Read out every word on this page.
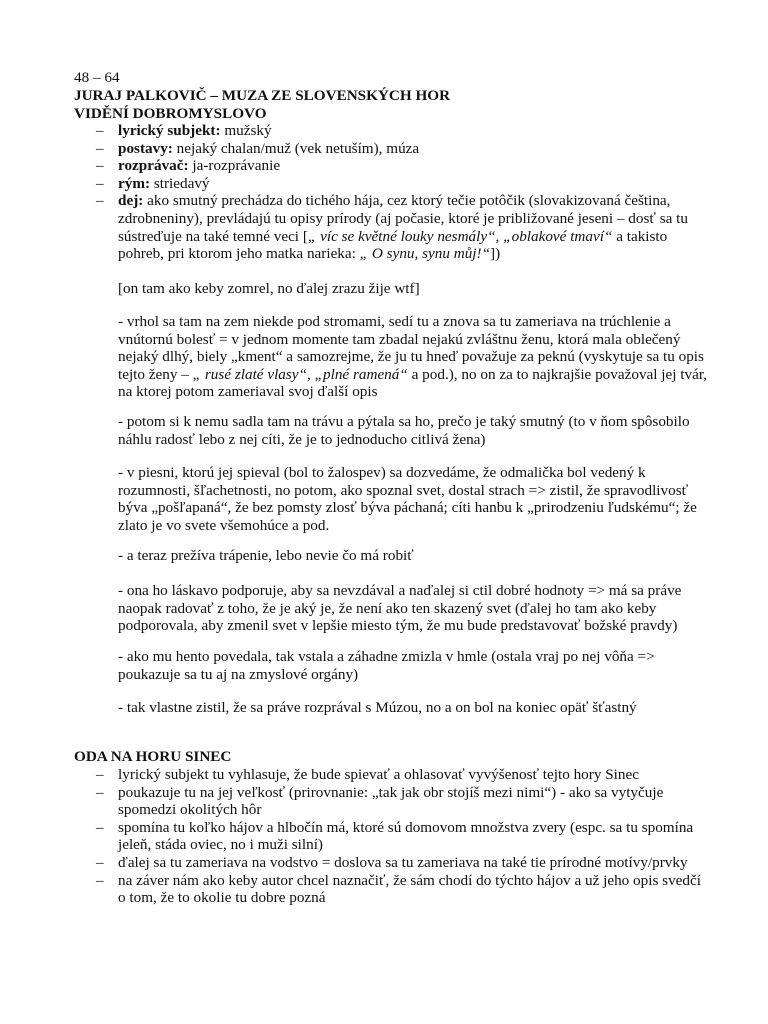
48 – 64
JURAJ PALKOVIČ – MUZA ZE SLOVENSKÝCH HOR
VIDĚNÍ DOBROMYSLOVO
– lyrický subjekt: mužský
– postavy: nejaký chalan/muž (vek netuším), múza
– rozprávač: ja-rozprávanie
– rým: striedavý
– dej: ako smutný prechádza do tichého hája, cez ktorý tečie potôčik (slovakizovaná čeština, zdrobneniny), prevládajú tu opisy prírody (aj počasie, ktoré je približované jeseni – dosť sa tu sústreďuje na také temné veci [„ víc se květné louky nesmály“, „oblakové tmaví“ a takisto pohreb, pri ktorom jeho matka narieka: „ O synu, synu můj!“])

[on tam ako keby zomrel, no ďalej zrazu žije wtf]

- vrhol sa tam na zem niekde pod stromami, sedí tu a znova sa tu zameriava na trúchlenie a vnútornú bolesť = v jednom momente tam zbadal nejakú zvláštnu ženu, ktorá mala oblečený nejaký dlhý, biely „kment“ a samozrejme, že ju tu hneď považuje za peknú (vyskytuje sa tu opis tejto ženy – „ rusé zlaté vlasy“, „plné ramená“ a pod.), no on za to najkrajšie považoval jej tvár, na ktorej potom zameriaval svoj ďalší opis

- potom si k nemu sadla tam na trávu a pýtala sa ho, prečo je taký smutný (to v ňom spôsobilo náhlu radosť lebo z nej cíti, že je to jednoducho citlivá žena)

- v piesni, ktorú jej spieval (bol to žalospev) sa dozvedáme, že odmalička bol vedený k rozumnosti, šľachetnosti, no potom, ako spoznal svet, dostal strach => zistil, že spravodlivosť býva „pošľapaná“, že bez pomsty zlosť býva páchaná; cíti hanbu k „prirodzeniu ľudskému“; že zlato je vo svete všemohúce a pod.

- a teraz prežíva trápenie, lebo nevie čo má robiť

- ona ho láskavo podporuje, aby sa nevzdával a naďalej si ctil dobré hodnoty => má sa práve naopak radovať z toho, že je aký je, že není ako ten skazený svet (ďalej ho tam ako keby podporovala, aby zmenil svet v lepšie miesto tým, že mu bude predstavovať božské pravdy)

- ako mu hento povedala, tak vstala a záhadne zmizla v hmle (ostala vraj po nej vôňa => poukazuje sa tu aj na zmyslové orgány)

- tak vlastne zistil, že sa práve rozprával s Múzou, no a on bol na koniec opäť šťastný

ODA NA HORU SINEC
– lyrický subjekt tu vyhlasuje, že bude spievať a ohlasovať vyvýšenosť tejto hory Sinec
– poukazuje tu na jej veľkosť (prirovnanie: „tak jak obr stojíš mezi nimi“) - ako sa vytyčuje spomedzi okolitých hôr
– spomína tu koľko hájov a hlbočín má, ktoré sú domovom množstva zvery (espc. sa tu spomína jeleň, stáda oviec, no i muži silní)
– ďalej sa tu zameriava na vodstvo = doslova sa tu zameriava na také tie prírodné motívy/prvky
– na záver nám ako keby autor chcel naznačiť, že sám chodí do týchto hájov a už jeho opis svedčí o tom, že to okolie tu dobre pozná
